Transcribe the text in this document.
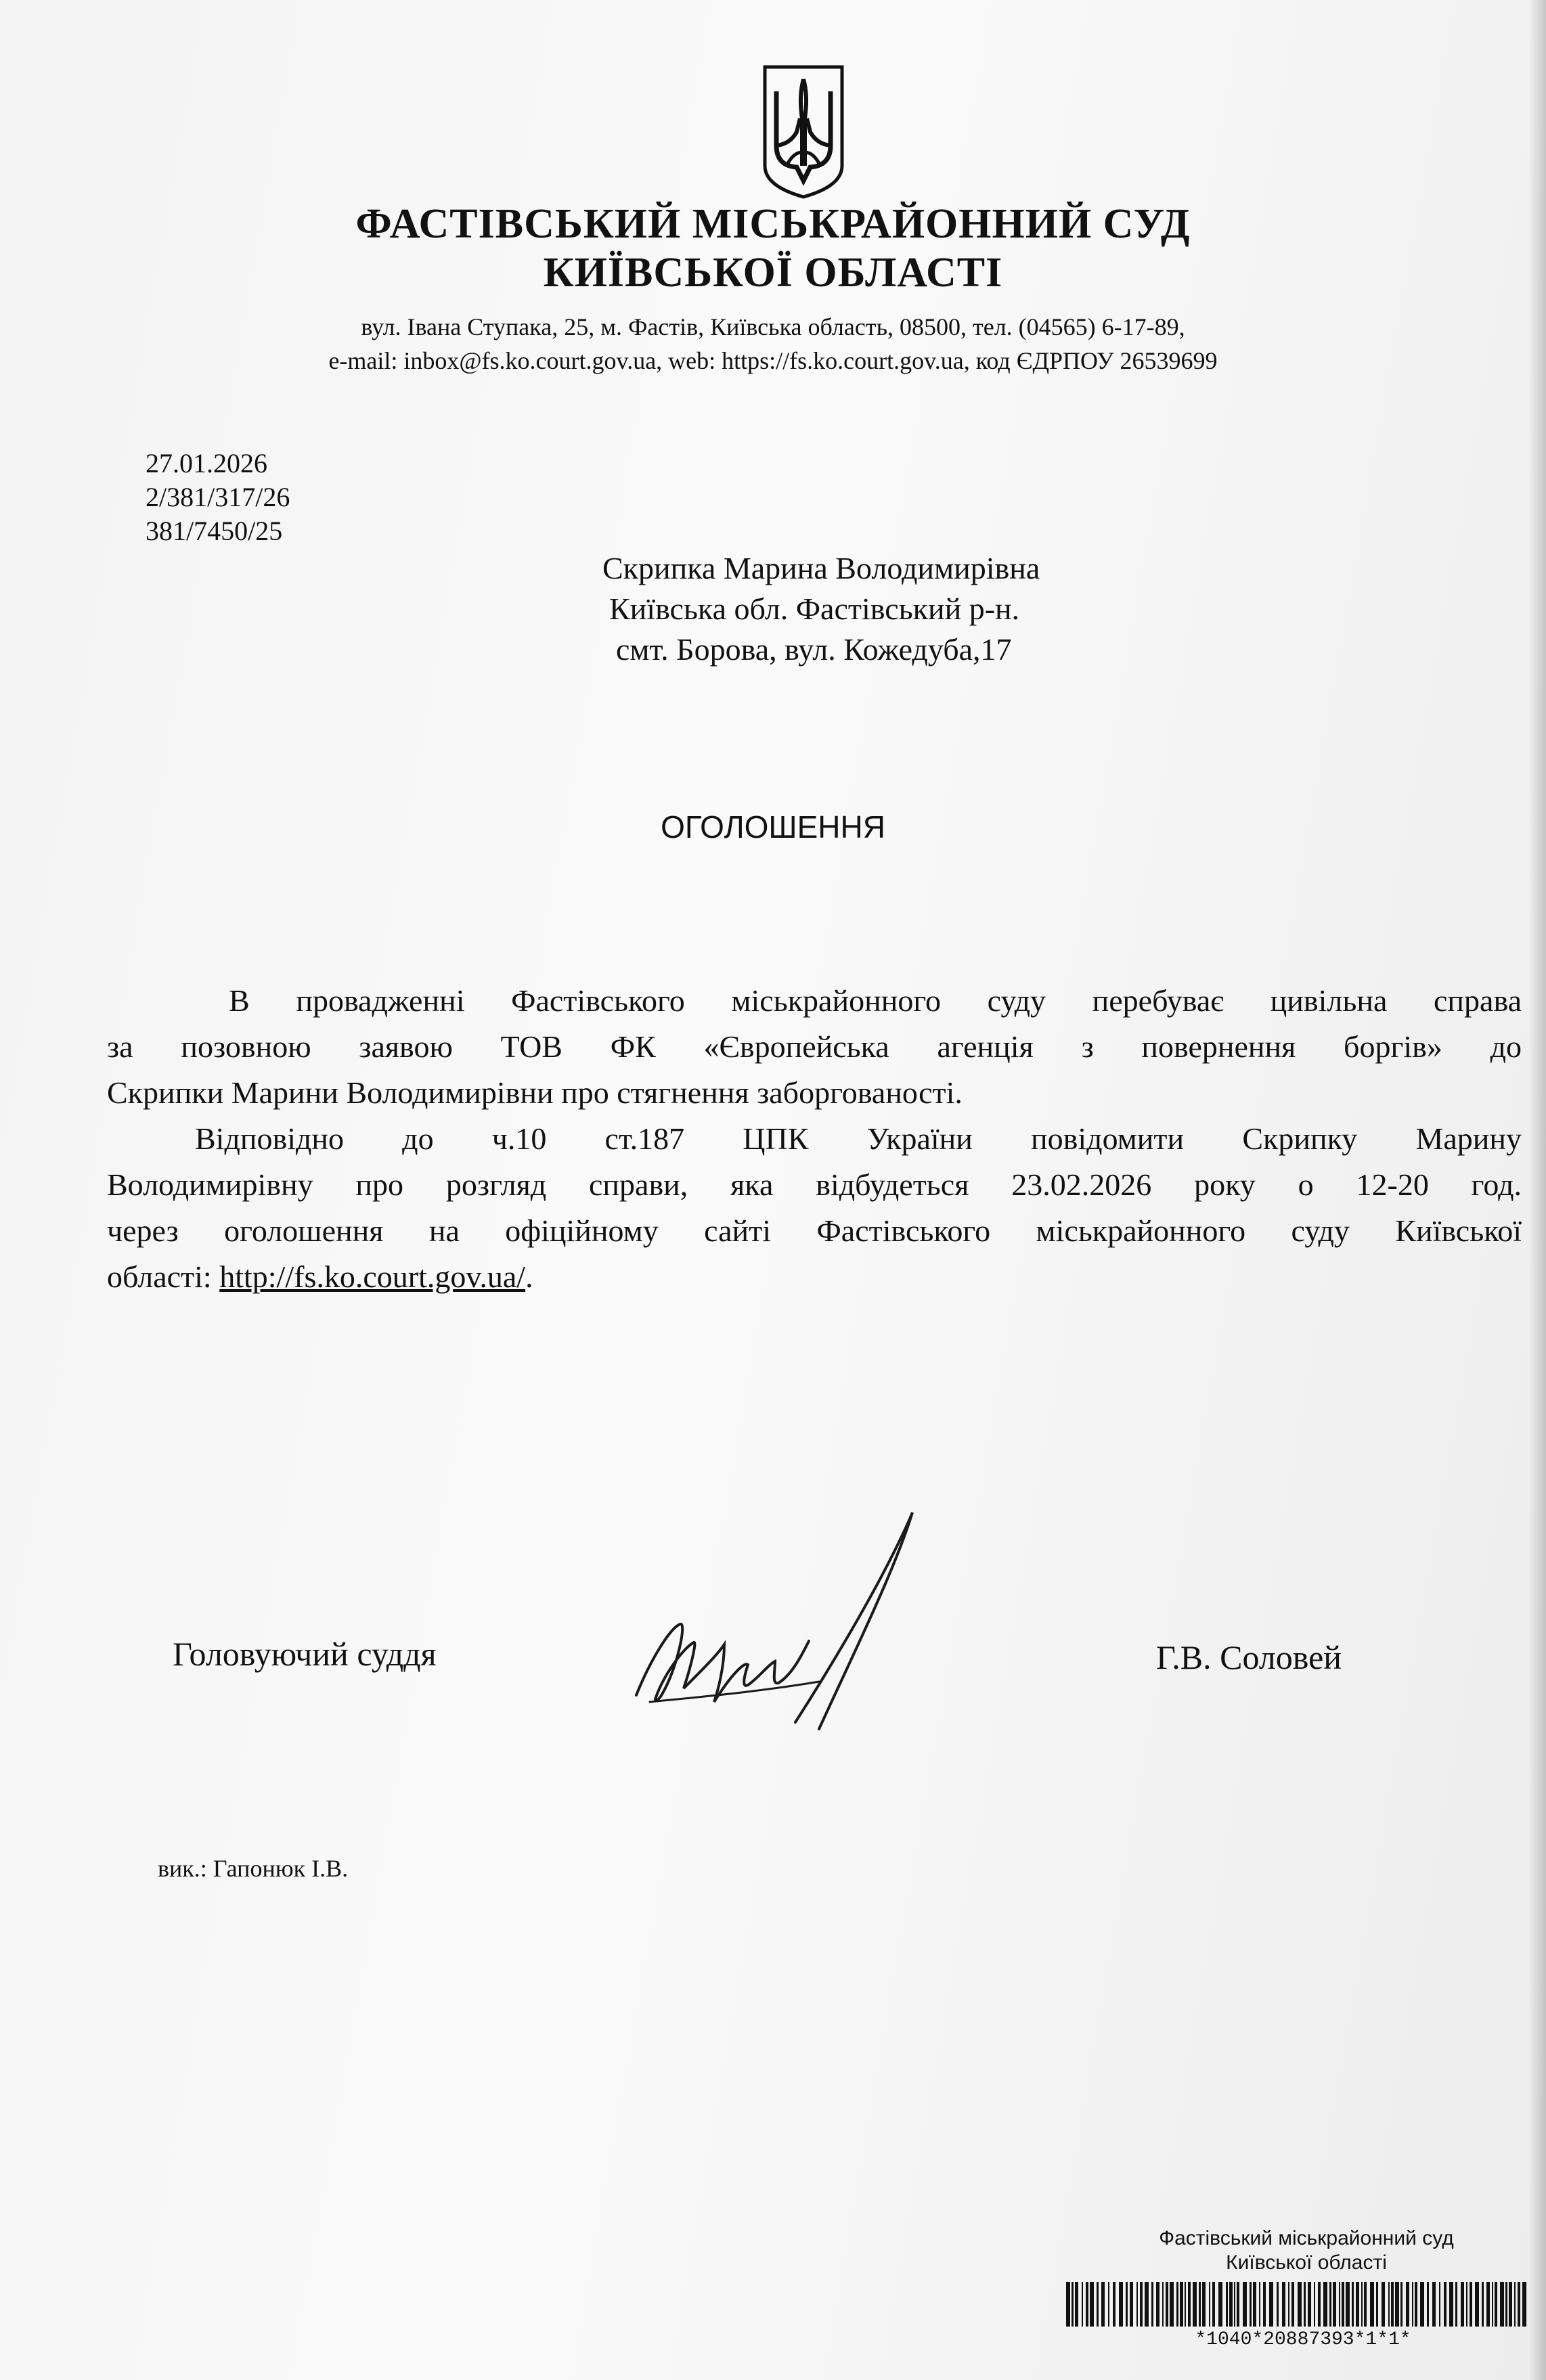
ФАСТІВСЬКИЙ МІСЬКРАЙОННИЙ СУД
КИЇВСЬКОЇ ОБЛАСТІ
вул. Івана Ступака, 25, м. Фастів, Київська область, 08500, тел. (04565) 6-17-89,
e-mail: inbox@fs.ko.court.gov.ua, web: https://fs.ko.court.gov.ua, код ЄДРПОУ 26539699
27.01.2026
2/381/317/26
381/7450/25
Скрипка Марина Володимирівна
Київська обл. Фастівський р-н.
смт. Борова, вул. Кожедуба,17
ОГОЛОШЕННЯ

В провадженні Фастівського міськрайонного суду перебуває цивільна справа

за позовною заявою ТОВ ФК «Європейська агенція з повернення боргів» до

Скрипки Марини Володимирівни про стягнення заборгованості.

Відповідно до ч.10 ст.187 ЦПК України повідомити Скрипку Марину

Володимирівну про розгляд справи, яка відбудеться 23.02.2026 року о 12-20 год.

через оголошення на офіційному сайті Фастівського міськрайонного суду Київської

області: http://fs.ko.court.gov.ua/.

Головуючий суддя	Г.В. Соловей
вик.: Гапонюк І.В.
Фастівський міськрайонний суд
Київської області
*1040*20887393*1*1*
